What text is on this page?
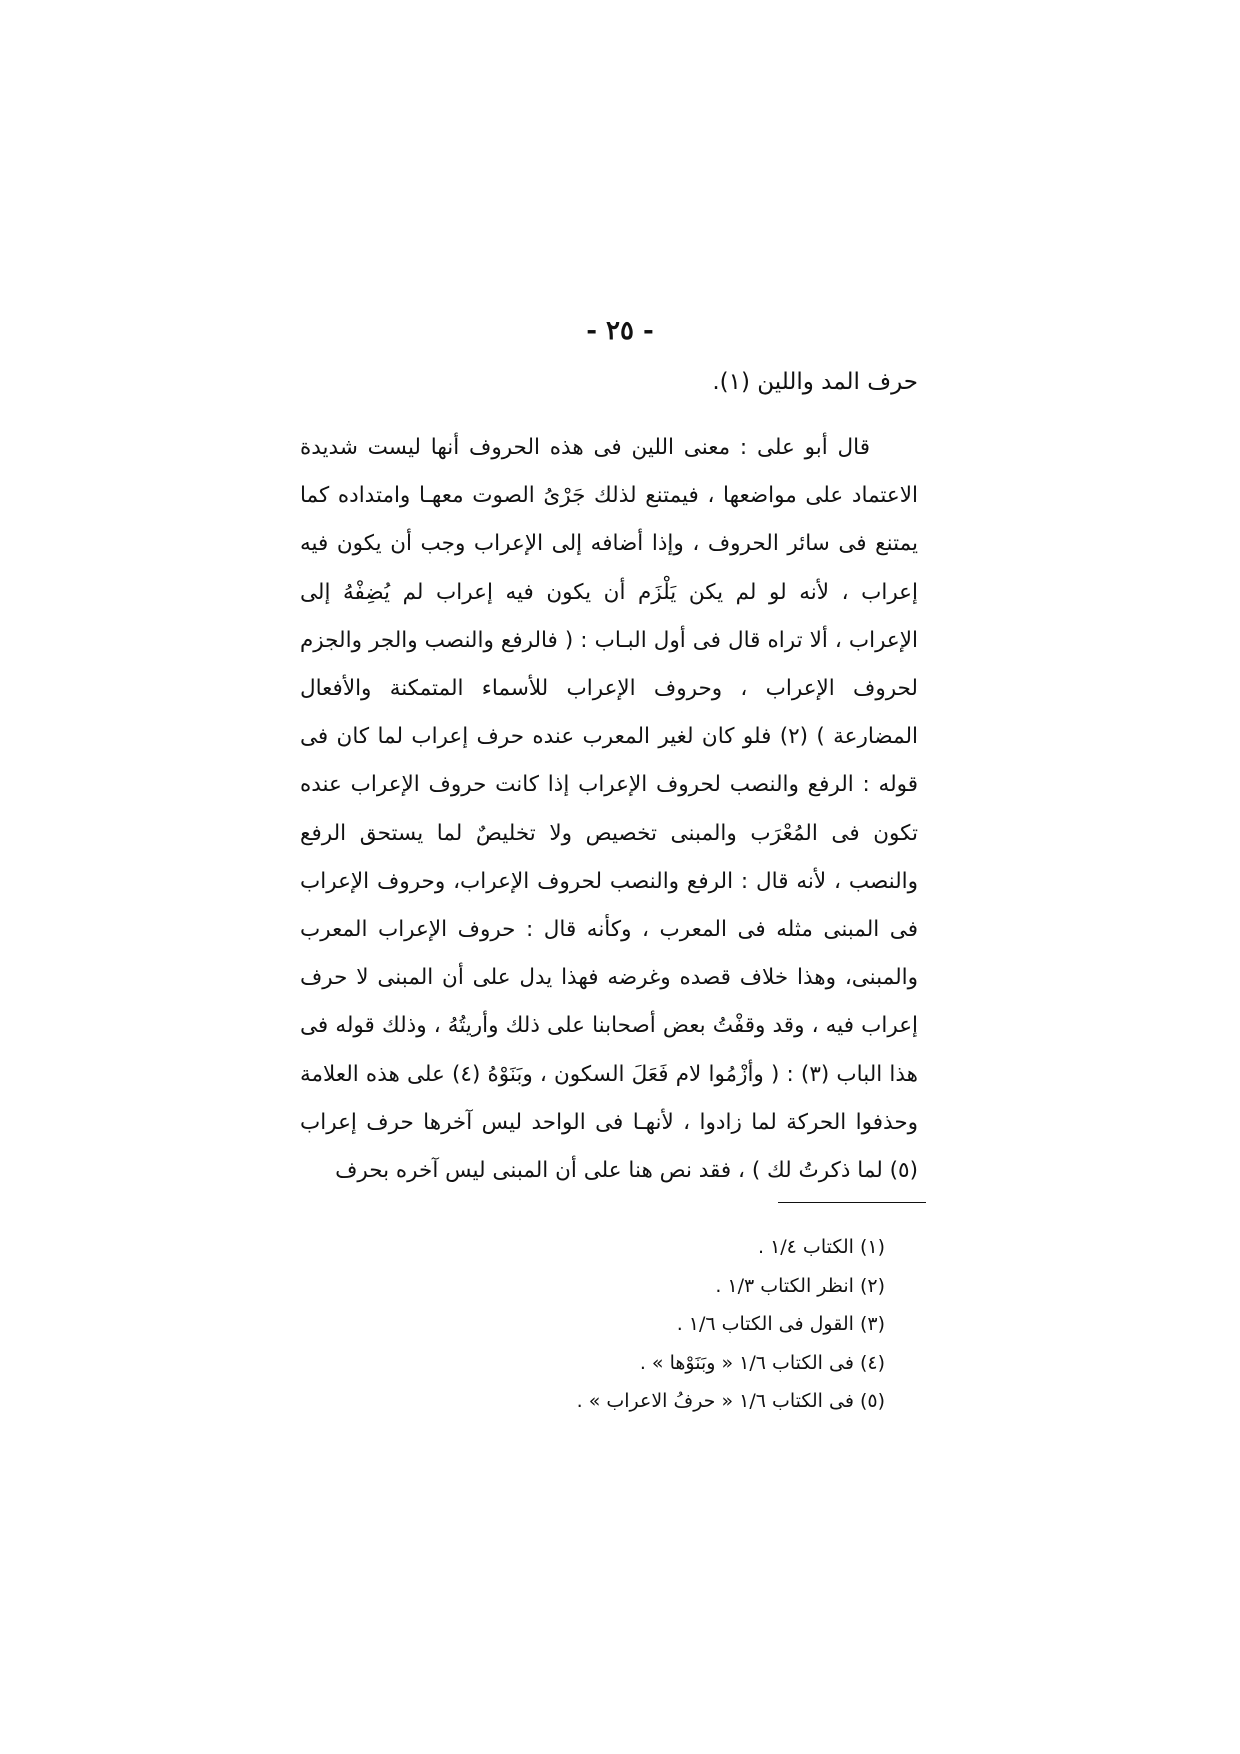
- ٢٥ -
حرف المد واللين (١).

قال أبو على : معنى اللين فى هذه الحروف أنها ليست شديدة الاعتماد على مواضعها ، فيمتنع لذلك جَرْىُ الصوت معهـا وامتداده كما يمتنع فى سائر الحروف ، وإذا أضافه إلى الإعراب وجب أن يكون فيه إعراب ، لأنه لو لم يكن يَلْزَم أن يكون فيه إعراب لم يُضِفْهُ إلى الإعراب ، ألا تراه قال فى أول البـاب : ( فالرفع والنصب والجر والجزم لحروف الإعراب ، وحروف الإعراب للأسماء المتمكنة والأفعال المضارعة ) (٢) فلو كان لغير المعرب عنده حرف إعراب لما كان فى قوله : الرفع والنصب لحروف الإعراب إذا كانت حروف الإعراب عنده تكون فى المُعْرَب والمبنى تخصيص ولا تخليصٌ لما يستحق الرفع والنصب ، لأنه قال : الرفع والنصب لحروف الإعراب، وحروف الإعراب فى المبنى مثله فى المعرب ، وكأنه قال : حروف الإعراب المعرب والمبنى، وهذا خلاف قصده وغرضه فهذا يدل على أن المبنى لا حرف إعراب فيه ، وقد وقفْتُ بعض أصحابنا على ذلك وأريتُهُ ، وذلك قوله فى هذا الباب (٣) : ( وأزْمُوا لام فَعَلَ السكون ، وبَنَوْهُ (٤) على هذه العلامة وحذفوا الحركة لما زادوا ، لأنهـا فى الواحد ليس آخرها حرف إعراب (٥) لما ذكرتُ لك ) ، فقد نص هنا على أن المبنى ليس آخره بحرف

(١) الكتاب ١/٤ .
(٢) انظر الكتاب ١/٣ .
(٣) القول فى الكتاب ١/٦ .
(٤) فى الكتاب ١/٦ « وبَنَوْها » .
(٥) فى الكتاب ١/٦ « حرفُ الاعراب » .
